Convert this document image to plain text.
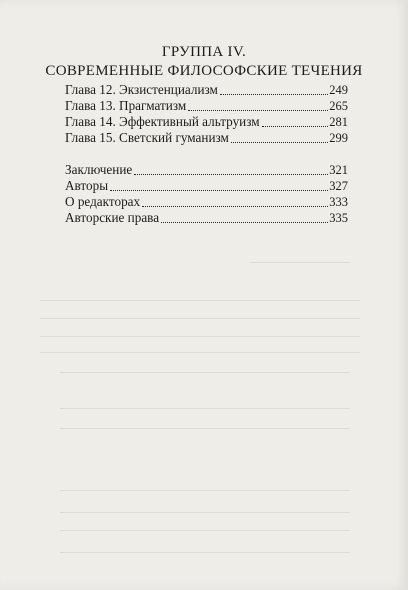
ГРУППА IV.
СОВРЕМЕННЫЕ ФИЛОСОФСКИЕ ТЕЧЕНИЯ
Глава 12. Экзистенциализм	249
Глава 13. Прагматизм	265
Глава 14. Эффективный альтруизм	281
Глава 15. Светский гуманизм	299
Заключение	321
Авторы	327
О редакторах	333
Авторские права	335
